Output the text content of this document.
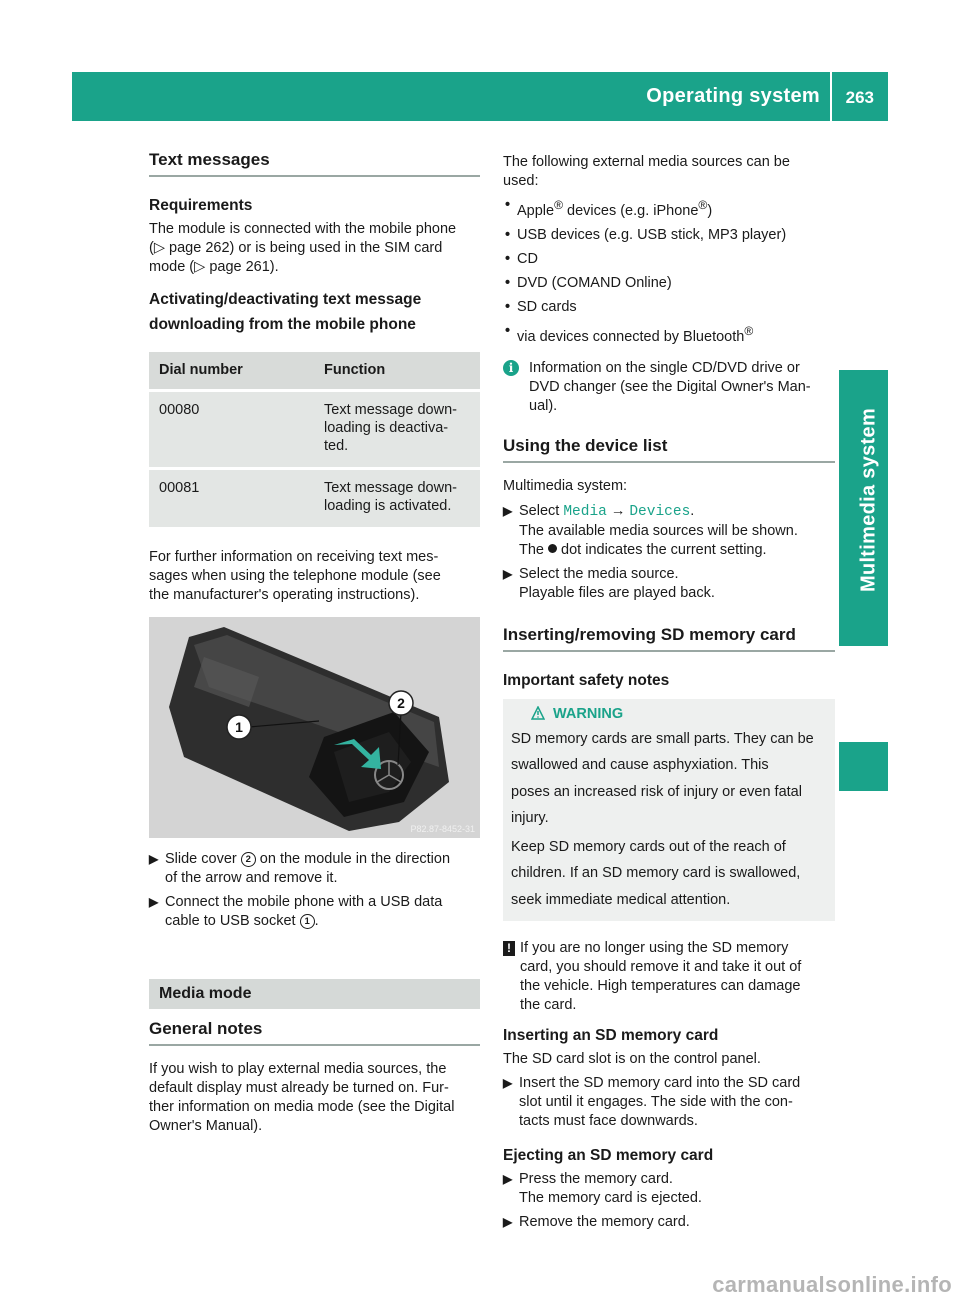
Operating system 263
Multimedia system
Text messages
Requirements

The module is connected with the mobile phone

(▷ page 262) or is being used in the SIM card

mode (▷ page 261).

Activating/deactivating text message
downloading from the mobile phone
Dial number	Function
00080	Text message down-
loading is deactiva-
ted.

00081	Text message down-
loading is activated.

For further information on receiving text mes-

sages when using the telephone module (see

the manufacturer's operating instructions).

1
2
P82.87-8452-31
▶ Slide cover 2 on the module in the direction

of the arrow and remove it.

▶ Connect the mobile phone with a USB data

cable to USB socket 1 .

Media mode
General notes

If you wish to play external media sources, the

default display must already be turned on. Fur-

ther information on media mode (see the Digital

Owner's Manual).

The following external media sources can be

used:

• Apple® devices (e.g. iPhone®)
• USB devices (e.g. USB stick, MP3 player)
• CD
• DVD (COMAND Online)
• SD cards
• via devices connected by Bluetooth®
i	Information on the single CD/DVD drive or

DVD changer (see the Digital Owner's Man-

ual).

Using the device list

Multimedia system:

▶ Select Media → Devices.

The available media sources will be shown.

The  dot indicates the current setting.

▶ Select the media source.

Playable files are played back.

Inserting/removing SD memory card
Important safety notes
WARNING

SD memory cards are small parts. They can be

swallowed and cause asphyxiation. This

poses an increased risk of injury or even fatal

injury.

Keep SD memory cards out of the reach of

children. If an SD memory card is swallowed,

seek immediate medical attention.

! If you are no longer using the SD memory

card, you should remove it and take it out of

the vehicle. High temperatures can damage

the card.

Inserting an SD memory card

The SD card slot is on the control panel.

▶ Insert the SD memory card into the SD card

slot until it engages. The side with the con-

tacts must face downwards.

Ejecting an SD memory card
▶ Press the memory card.

The memory card is ejected.

▶ Remove the memory card.

carmanualsonline.info
